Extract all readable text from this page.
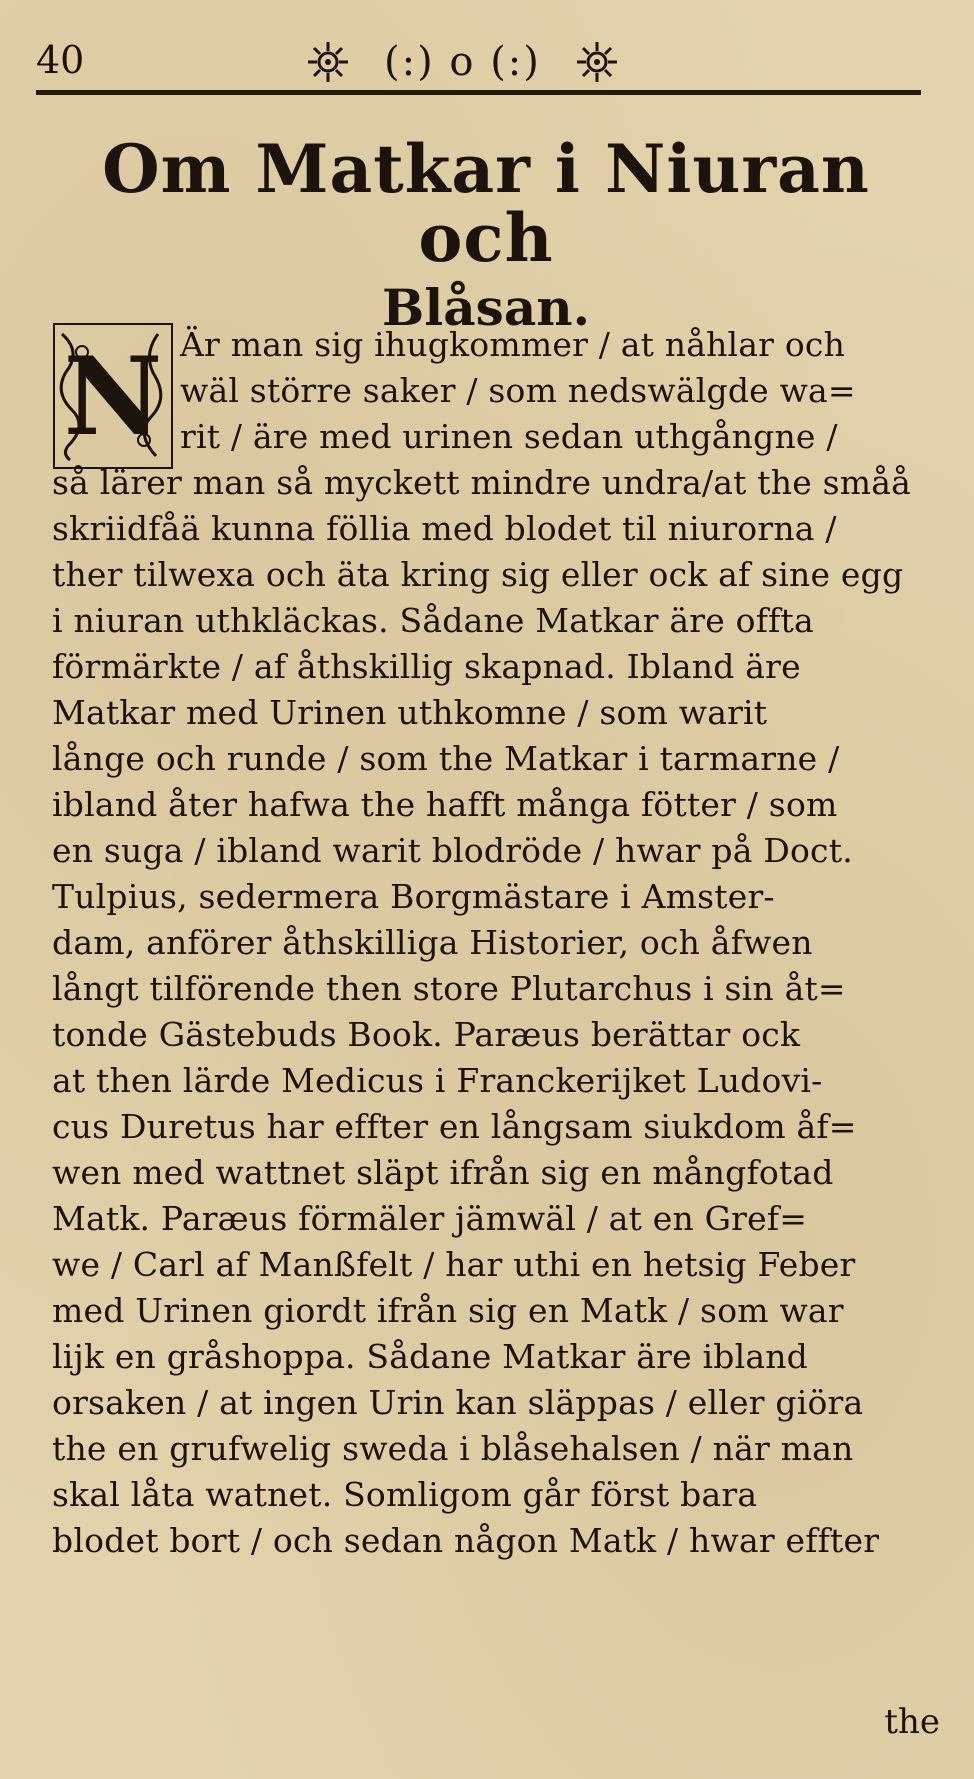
40	(:) o (:)
Om Matkar i Niuran och
Blåsan.
N Är man sig ihugkommer / at nåhlar och
wäl större saker / som nedswälgde wa=
rit / äre med urinen sedan uthgångne /
så lärer man så myckett mindre undra/at the småå
skriidfåä kunna föllia med blodet til niurorna /
ther tilwexa och äta kring sig eller ock af sine egg
i niuran uthkläckas. Sådane Matkar äre offta
förmärkte / af åthskillig skapnad. Ibland äre
Matkar med Urinen uthkomne / som warit
långe och runde / som the Matkar i tarmarne /
ibland åter hafwa the hafft många fötter / som
en suga / ibland warit blodröde / hwar på Doct.
Tulpius, sedermera Borgmästare i Amster-
dam, anförer åthskilliga Historier, och åfwen
långt tilförende then store Plutarchus i sin åt=
tonde Gästebuds Book. Paræus berättar ock
at then lärde Medicus i Franckerijket Ludovi-
cus Duretus har effter en långsam siukdom åf=
wen med wattnet släpt ifrån sig en mångfotad
Matk. Paræus förmäler jämwäl / at en Gref=
we / Carl af Manßfelt / har uthi en hetsig Feber
med Urinen giordt ifrån sig en Matk / som war
lijk en gråshoppa. Sådane Matkar äre ibland
orsaken / at ingen Urin kan släppas / eller giöra
the en grufwelig sweda i blåsehalsen / när man
skal låta watnet. Somligom går först bara
blodet bort / och sedan någon Matk / hwar effter
the
